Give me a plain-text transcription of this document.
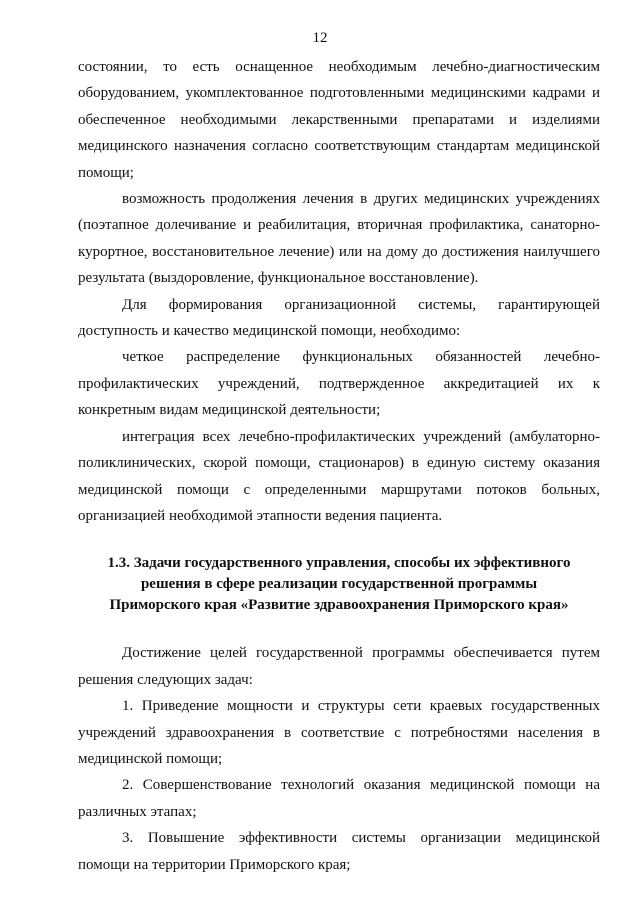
12

состоянии, то есть оснащенное необходимым лечебно-диагностическим оборудованием, укомплектованное подготовленными медицинскими кадрами и обеспеченное необходимыми лекарственными препаратами и изделиями медицинского назначения согласно соответствующим стандартам медицинской помощи;

возможность продолжения лечения в других медицинских учреждениях (поэтапное долечивание и реабилитация, вторичная профилактика, санаторно-курортное, восстановительное лечение) или на дому до достижения наилучшего результата (выздоровление, функциональное восстановление).

Для формирования организационной системы, гарантирующей доступность и качество медицинской помощи, необходимо:

четкое распределение функциональных обязанностей лечебно-профилактических учреждений, подтвержденное аккредитацией их к конкретным видам медицинской деятельности;

интеграция всех лечебно-профилактических учреждений (амбулаторно-поликлинических, скорой помощи, стационаров) в единую систему оказания медицинской помощи с определенными маршрутами потоков больных, организацией необходимой этапности ведения пациента.

1.3. Задачи государственного управления, способы их эффективного
решения в сфере реализации государственной программы
Приморского края «Развитие здравоохранения Приморского края»

Достижение целей государственной программы обеспечивается путем решения следующих задач:

1. Приведение мощности и структуры сети краевых государственных учреждений здравоохранения в соответствие с потребностями населения в медицинской помощи;

2. Совершенствование технологий оказания медицинской помощи на различных этапах;

3. Повышение эффективности системы организации медицинской помощи на территории Приморского края;
